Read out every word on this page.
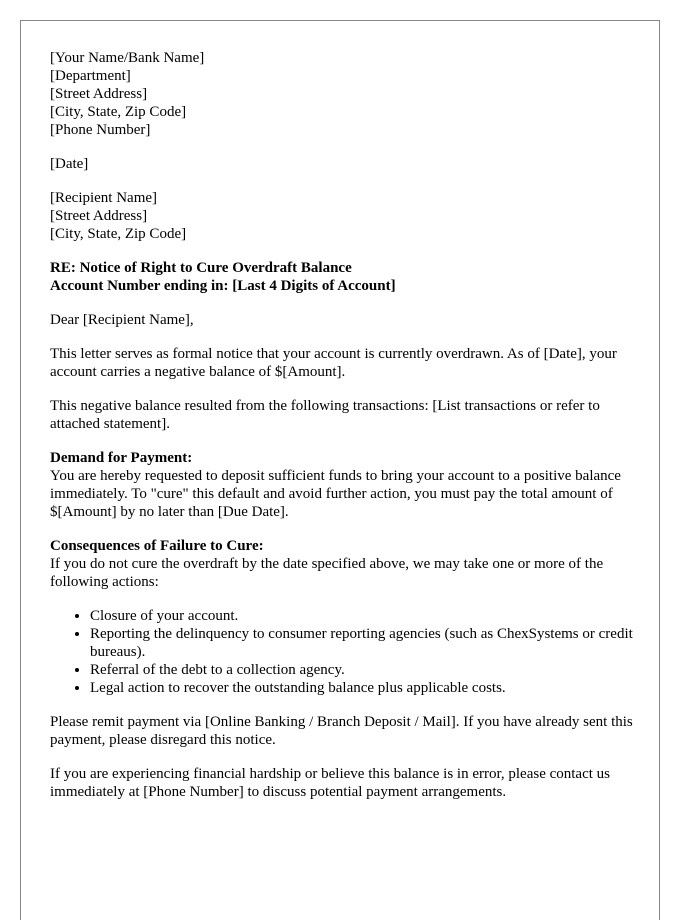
[Your Name/Bank Name]
[Department]
[Street Address]
[City, State, Zip Code]
[Phone Number]
[Date]
[Recipient Name]
[Street Address]
[City, State, Zip Code]
RE: Notice of Right to Cure Overdraft Balance
Account Number ending in: [Last 4 Digits of Account]

Dear [Recipient Name],

This letter serves as formal notice that your account is currently overdrawn. As of [Date], your account carries a negative balance of $[Amount].

This negative balance resulted from the following transactions: [List transactions or refer to attached statement].

Demand for Payment:
You are hereby requested to deposit sufficient funds to bring your account to a positive balance immediately. To "cure" this default and avoid further action, you must pay the total amount of $[Amount] by no later than [Due Date].
Consequences of Failure to Cure:

If you do not cure the overdraft by the date specified above, we may take one or more of the following actions:

• Closure of your account.
• Reporting the delinquency to consumer reporting agencies (such as ChexSystems or credit bureaus).
• Referral of the debt to a collection agency.
• Legal action to recover the outstanding balance plus applicable costs.

Please remit payment via [Online Banking / Branch Deposit / Mail]. If you have already sent this payment, please disregard this notice.

If you are experiencing financial hardship or believe this balance is in error, please contact us immediately at [Phone Number] to discuss potential payment arrangements.
